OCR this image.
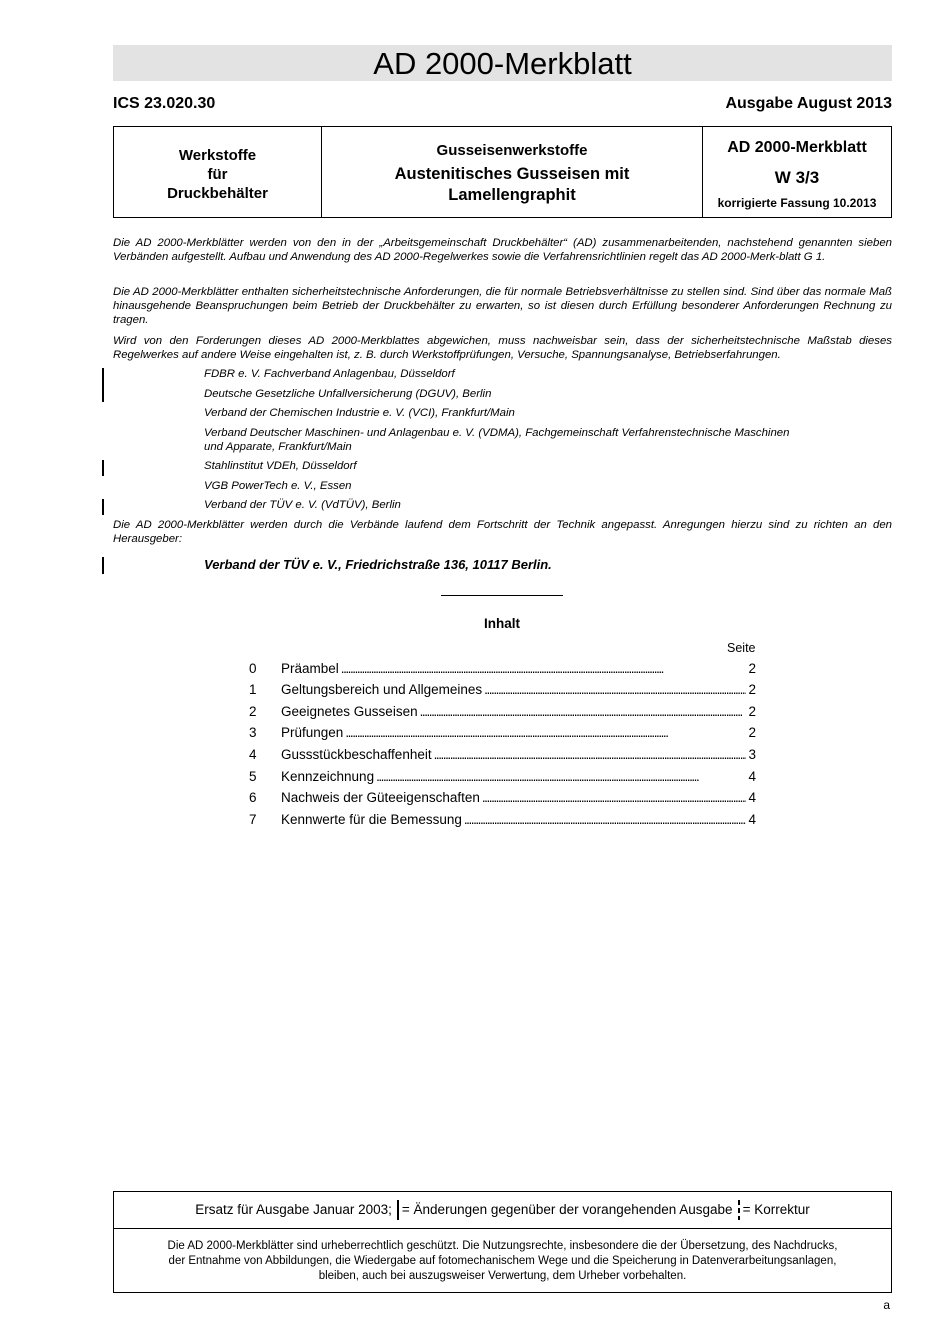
AD 2000-Merkblatt
ICS 23.020.30	Ausgabe August 2013
Werkstoffe
für
Druckbehälter
Gusseisenwerkstoffe
Austenitisches Gusseisen mit
Lamellengraphit
AD 2000-Merkblatt
W 3/3
korrigierte Fassung 10.2013
Die AD 2000-Merkblätter werden von den in der „Arbeitsgemeinschaft Druckbehälter“ (AD) zusammenarbeitenden, nachstehend genannten sieben Verbänden aufgestellt. Aufbau und Anwendung des AD 2000-Regelwerkes sowie die Verfahrensrichtlinien regelt das AD 2000-Merk-blatt G 1.
Die AD 2000-Merkblätter enthalten sicherheitstechnische Anforderungen, die für normale Betriebsverhältnisse zu stellen sind. Sind über das normale Maß hinausgehende Beanspruchungen beim Betrieb der Druckbehälter zu erwarten, so ist diesen durch Erfüllung besonderer Anforderungen Rechnung zu tragen.
Wird von den Forderungen dieses AD 2000-Merkblattes abgewichen, muss nachweisbar sein, dass der sicherheitstechnische Maßstab dieses Regelwerkes auf andere Weise eingehalten ist, z. B. durch Werkstoffprüfungen, Versuche, Spannungsanalyse, Betriebserfahrungen.
FDBR e. V. Fachverband Anlagenbau, Düsseldorf
Deutsche Gesetzliche Unfallversicherung (DGUV), Berlin
Verband der Chemischen Industrie e. V. (VCI), Frankfurt/Main
Verband Deutscher Maschinen- und Anlagenbau e. V. (VDMA), Fachgemeinschaft Verfahrenstechnische Maschinen
und Apparate, Frankfurt/Main
Stahlinstitut VDEh, Düsseldorf
VGB PowerTech e. V., Essen
Verband der TÜV e. V. (VdTÜV), Berlin
Die AD 2000-Merkblätter werden durch die Verbände laufend dem Fortschritt der Technik angepasst. Anregungen hierzu sind zu richten an den Herausgeber:
Verband der TÜV e. V., Friedrichstraße 136, 10117 Berlin.
Inhalt
Seite
0 Präambel . . .	2
1 Geltungsbereich und Allgemeines . . .	2
2 Geeignetes Gusseisen . . .	2
3 Prüfungen . . .	2
4 Gussstückbeschaffenheit . . .	3
5 Kennzeichnung . . .	4
6 Nachweis der Güteeigenschaften . . .	4
7 Kennwerte für die Bemessung . . .	4
Ersatz für Ausgabe Januar 2003; = Änderungen gegenüber der vorangehenden Ausgabe = Korrektur
Die AD 2000-Merkblätter sind urheberrechtlich geschützt. Die Nutzungsrechte, insbesondere die der Übersetzung, des Nachdrucks,
der Entnahme von Abbildungen, die Wiedergabe auf fotomechanischem Wege und die Speicherung in Datenverarbeitungsanlagen,
bleiben, auch bei auszugsweiser Verwertung, dem Urheber vorbehalten.
a
